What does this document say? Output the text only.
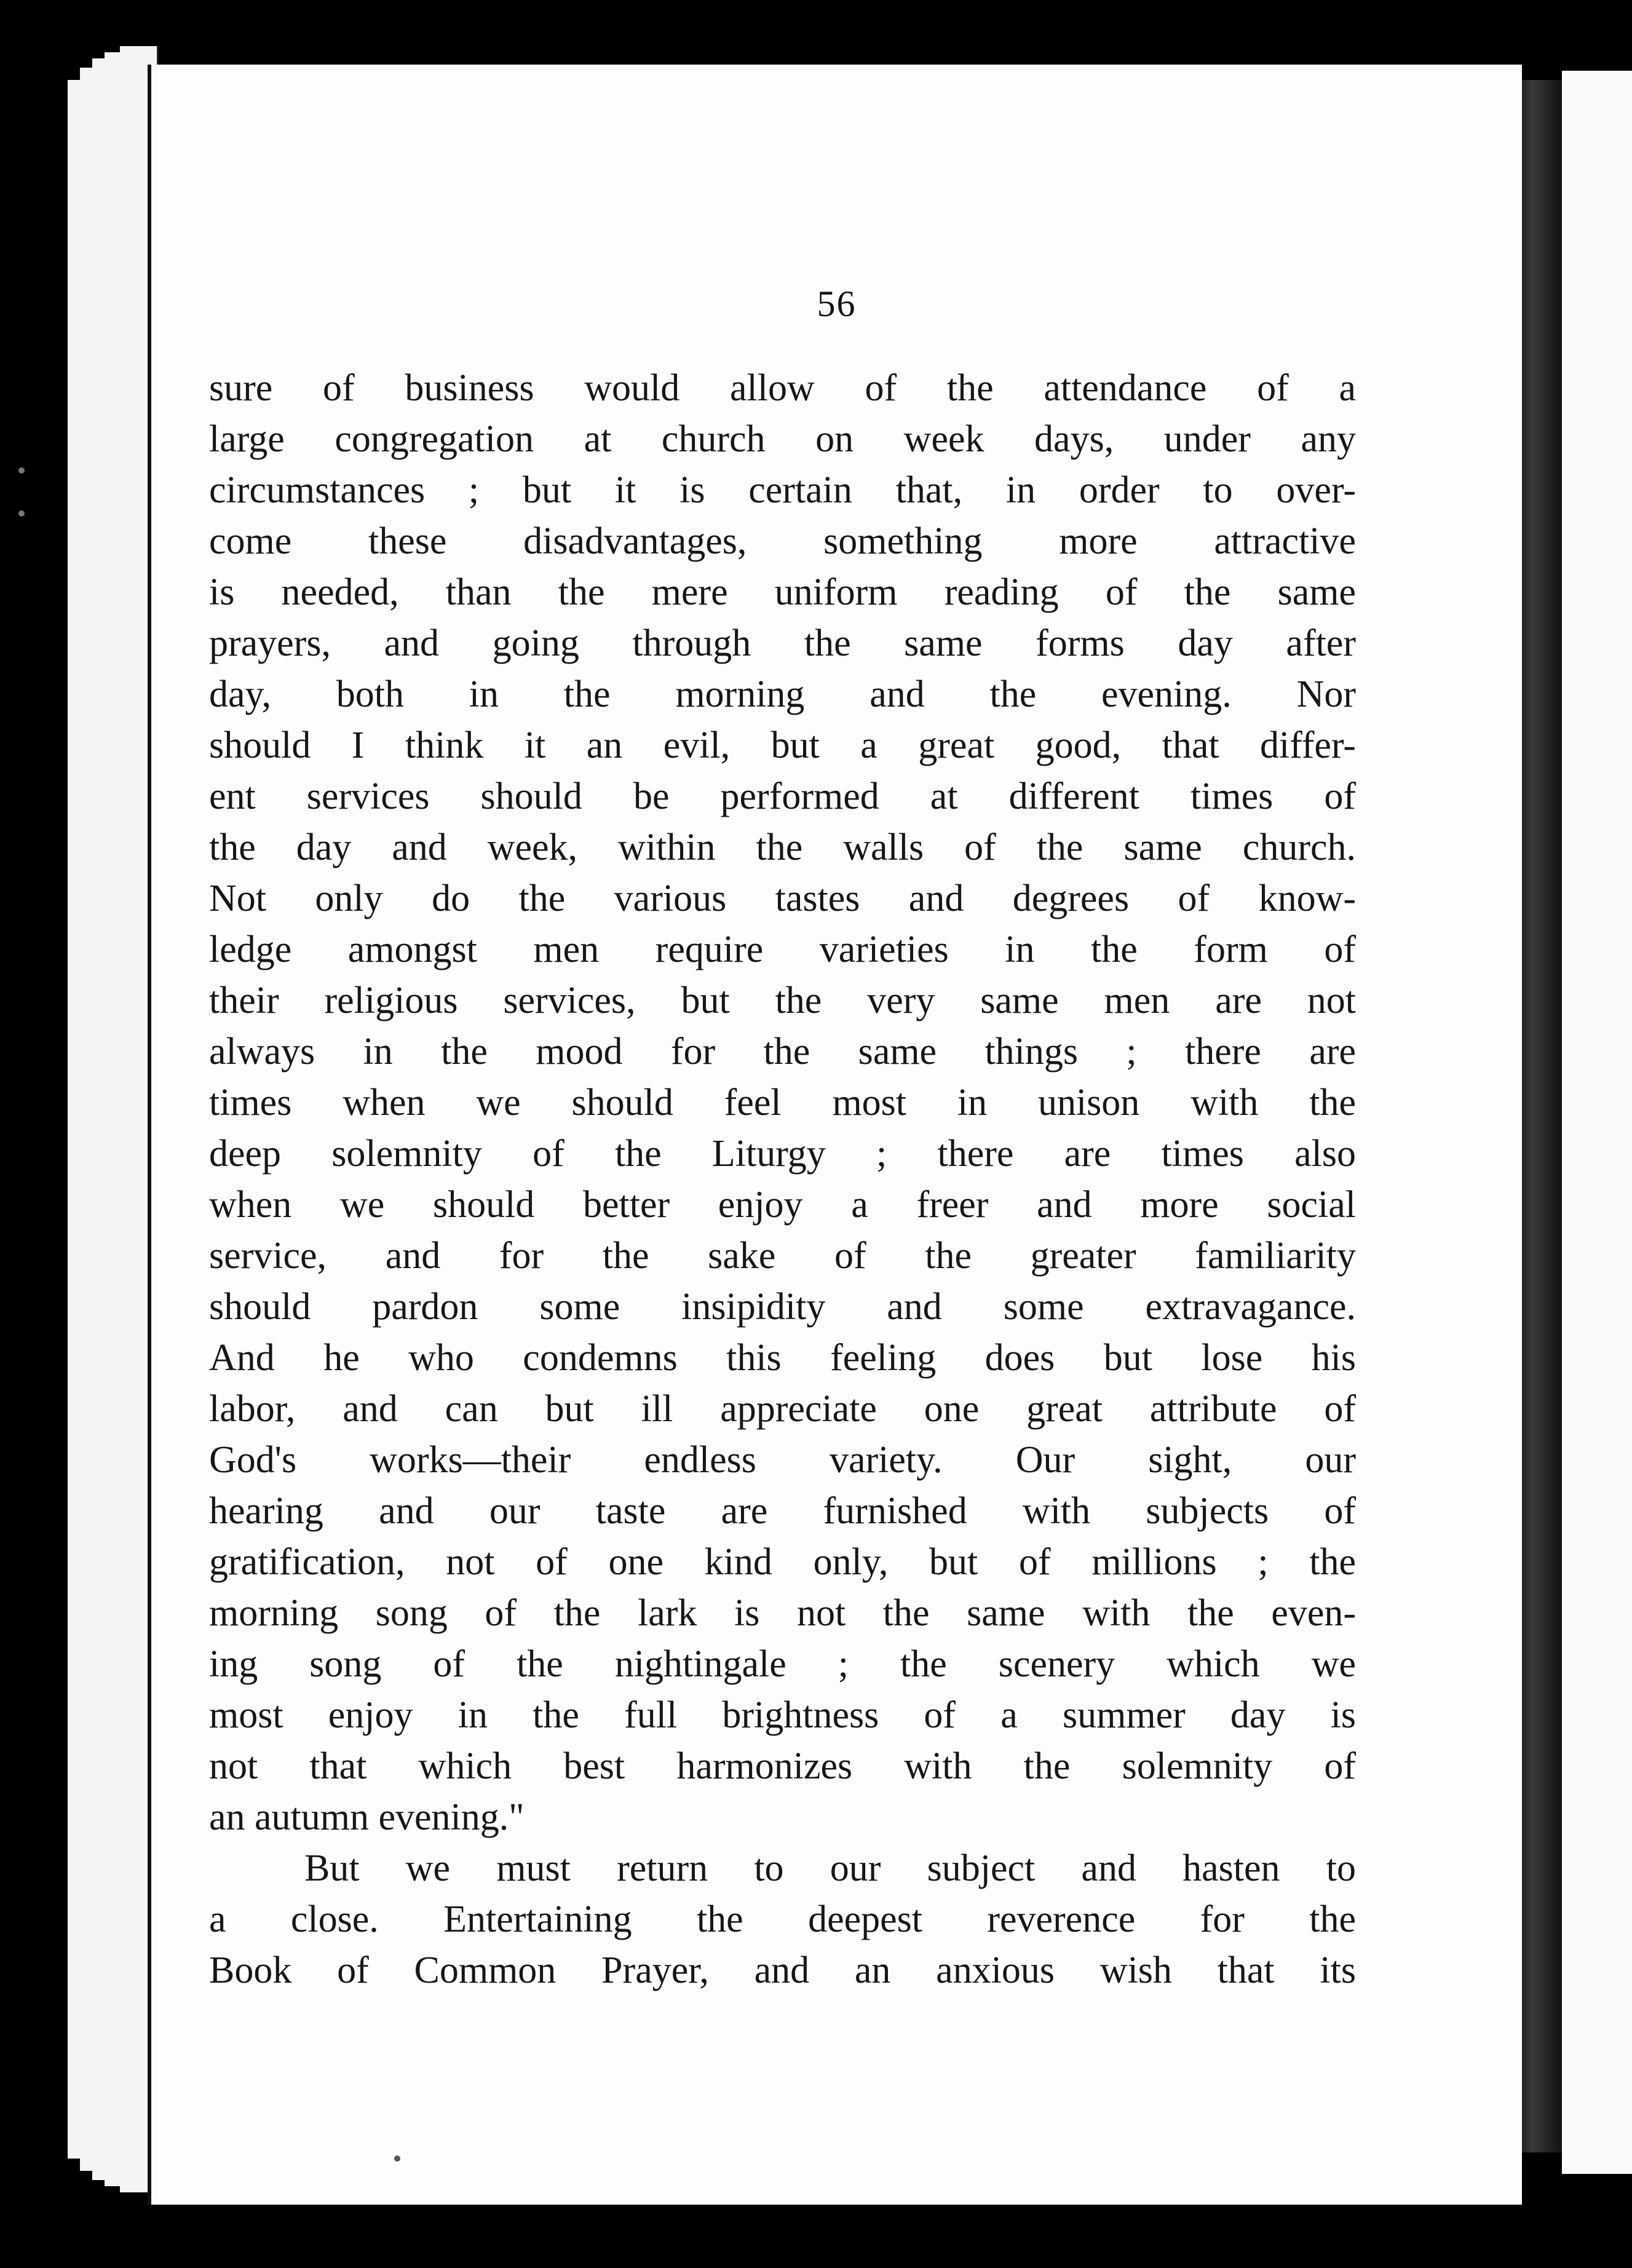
56
sure of business would allow of the attendance of a
large congregation at church on week days, under any
circumstances ; but it is certain that, in order to over-
come these disadvantages, something more attractive
is needed, than the mere uniform reading of the same
prayers, and going through the same forms day after
day, both in the morning and the evening. Nor
should I think it an evil, but a great good, that differ-
ent services should be performed at different times of
the day and week, within the walls of the same church.
Not only do the various tastes and degrees of know-
ledge amongst men require varieties in the form of
their religious services, but the very same men are not
always in the mood for the same things ; there are
times when we should feel most in unison with the
deep solemnity of the Liturgy ; there are times also
when we should better enjoy a freer and more social
service, and for the sake of the greater familiarity
should pardon some insipidity and some extravagance.
And he who condemns this feeling does but lose his
labor, and can but ill appreciate one great attribute of
God's works—their endless variety. Our sight, our
hearing and our taste are furnished with subjects of
gratification, not of one kind only, but of millions ; the
morning song of the lark is not the same with the even-
ing song of the nightingale ; the scenery which we
most enjoy in the full brightness of a summer day is
not that which best harmonizes with the solemnity of
an autumn evening."
But we must return to our subject and hasten to
a close. Entertaining the deepest reverence for the
Book of Common Prayer, and an anxious wish that its
